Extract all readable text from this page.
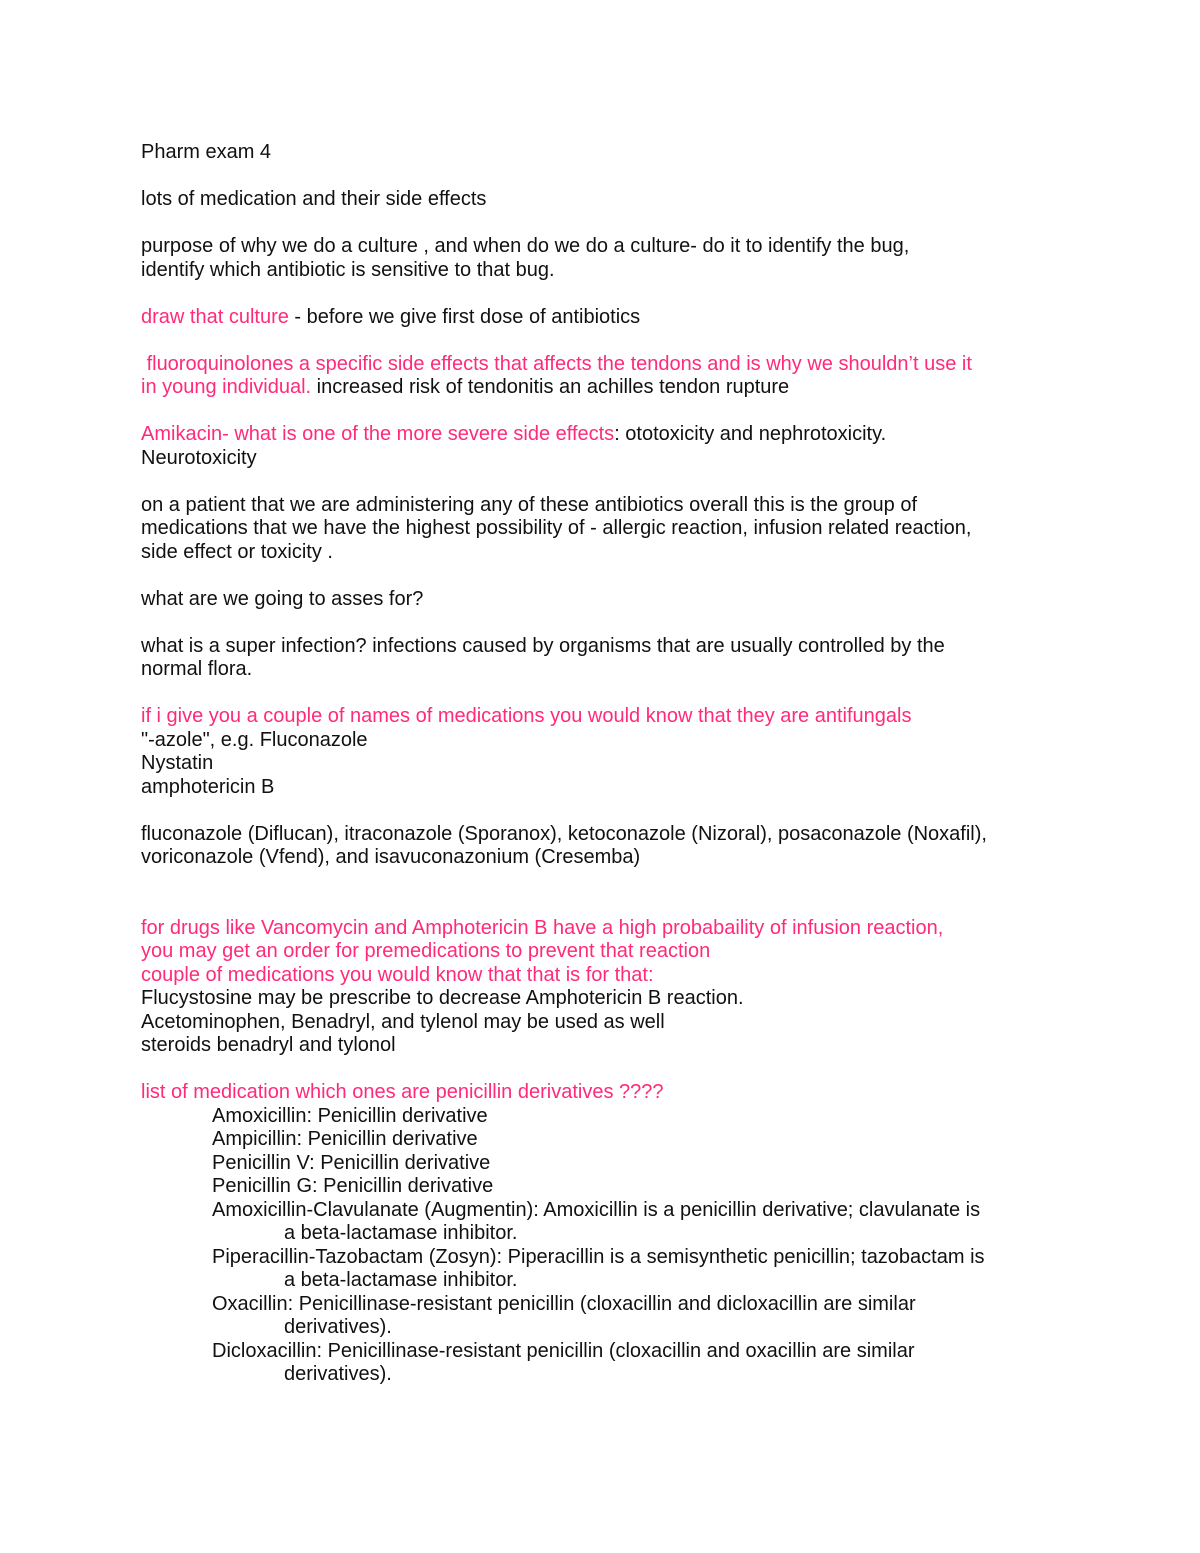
Pharm exam 4

lots of medication and their side effects

purpose of why we do a culture , and when do we do a culture- do it to identify the bug,

identify which antibiotic is sensitive to that bug.

draw that culture - before we give first dose of antibiotics

fluoroquinolones a specific side effects that affects the tendons and is why we shouldn’t use it

in young individual. increased risk of tendonitis an achilles tendon rupture

Amikacin- what is one of the more severe side effects: ototoxicity and nephrotoxicity.

Neurotoxicity

on a patient that we are administering any of these antibiotics overall this is the group of

medications that we have the highest possibility of - allergic reaction, infusion related reaction,

side effect or toxicity .

what are we going to asses for?

what is a super infection? infections caused by organisms that are usually controlled by the

normal flora.

if i give you a couple of names of medications you would know that they are antifungals

"-azole", e.g. Fluconazole

Nystatin

amphotericin B

fluconazole (Diflucan), itraconazole (Sporanox), ketoconazole (Nizoral), posaconazole (Noxafil),

voriconazole (Vfend), and isavuconazonium (Cresemba)

for drugs like Vancomycin and Amphotericin B have a high probabaility of infusion reaction,

you may get an order for premedications to prevent that reaction

couple of medications you would know that that is for that:

Flucystosine may be prescribe to decrease Amphotericin B reaction.

Acetominophen, Benadryl, and tylenol may be used as well

steroids benadryl and tylonol

list of medication which ones are penicillin derivatives ????

Amoxicillin: Penicillin derivative

Ampicillin: Penicillin derivative

Penicillin V: Penicillin derivative

Penicillin G: Penicillin derivative

Amoxicillin-Clavulanate (Augmentin): Amoxicillin is a penicillin derivative; clavulanate is

a beta-lactamase inhibitor.

Piperacillin-Tazobactam (Zosyn): Piperacillin is a semisynthetic penicillin; tazobactam is

a beta-lactamase inhibitor.

Oxacillin: Penicillinase-resistant penicillin (cloxacillin and dicloxacillin are similar

derivatives).

Dicloxacillin: Penicillinase-resistant penicillin (cloxacillin and oxacillin are similar

derivatives).
